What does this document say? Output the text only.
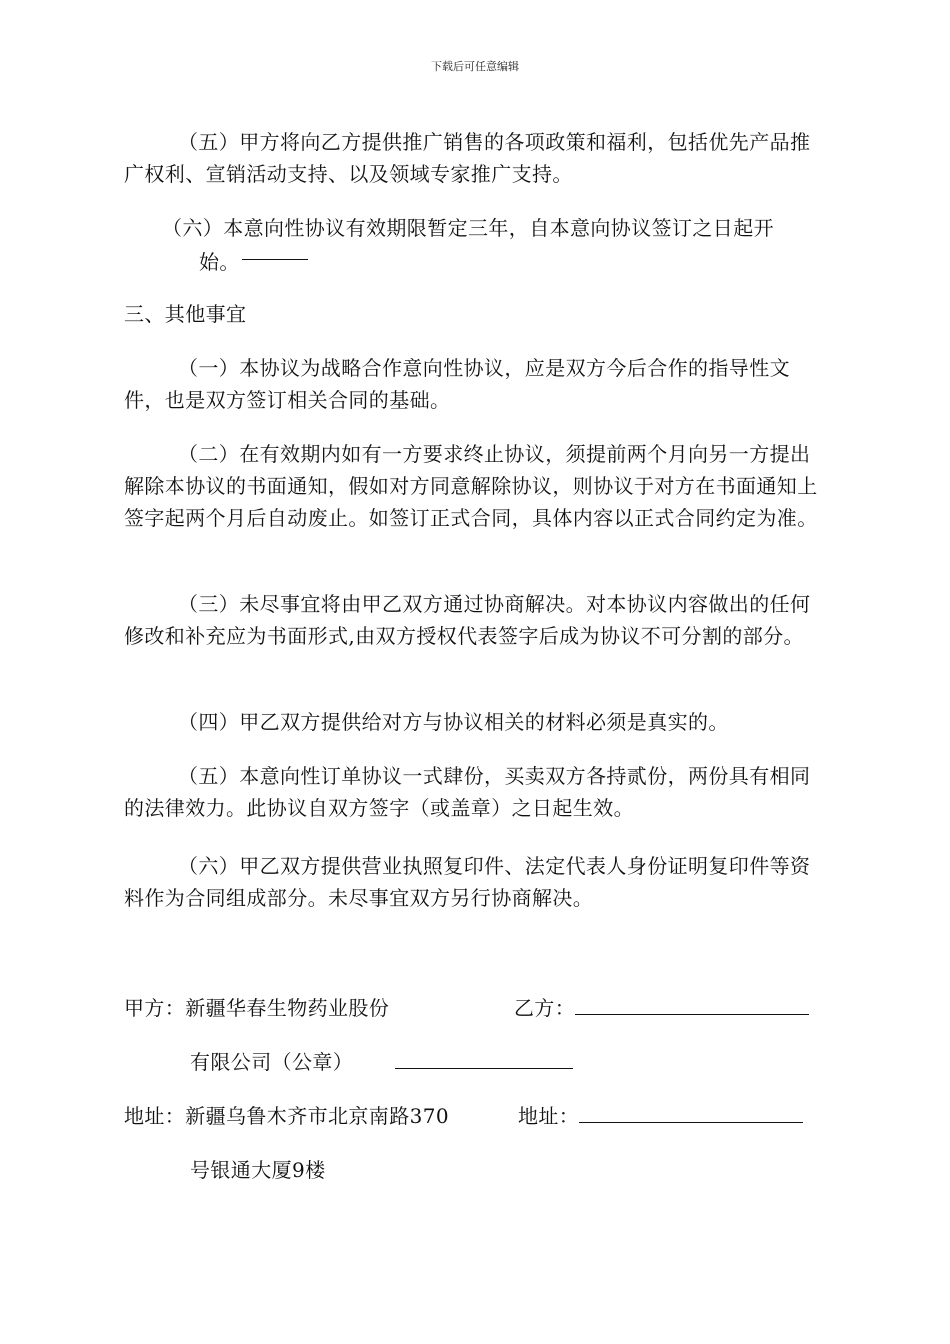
下载后可任意编辑

（五）甲方将向乙方提供推广销售的各项政策和福利，包括优先产品推广权利、宣销活动支持、以及领域专家推广支持。

（六）本意向性协议有效期限暂定三年，自本意向协议签订之日起开
始。
三、其他事宜

（一）本协议为战略合作意向性协议，应是双方今后合作的指导性文件，也是双方签订相关合同的基础。

（二）在有效期内如有一方要求终止协议，须提前两个月向另一方提出解除本协议的书面通知，假如对方同意解除协议，则协议于对方在书面通知上签字起两个月后自动废止。如签订正式合同，具体内容以正式合同约定为准。

（三）未尽事宜将由甲乙双方通过协商解决。对本协议内容做出的任何修改和补充应为书面形式,由双方授权代表签字后成为协议不可分割的部分。

（四）甲乙双方提供给对方与协议相关的材料必须是真实的。

（五）本意向性订单协议一式肆份，买卖双方各持贰份，两份具有相同的法律效力。此协议自双方签字（或盖章）之日起生效。

（六）甲乙双方提供营业执照复印件、法定代表人身份证明复印件等资料作为合同组成部分。未尽事宜双方另行协商解决。

甲方：新疆华春生物药业股份	乙方：
有限公司（公章）
地址：新疆乌鲁木齐市北京南路370	地址：
号银通大厦9楼
